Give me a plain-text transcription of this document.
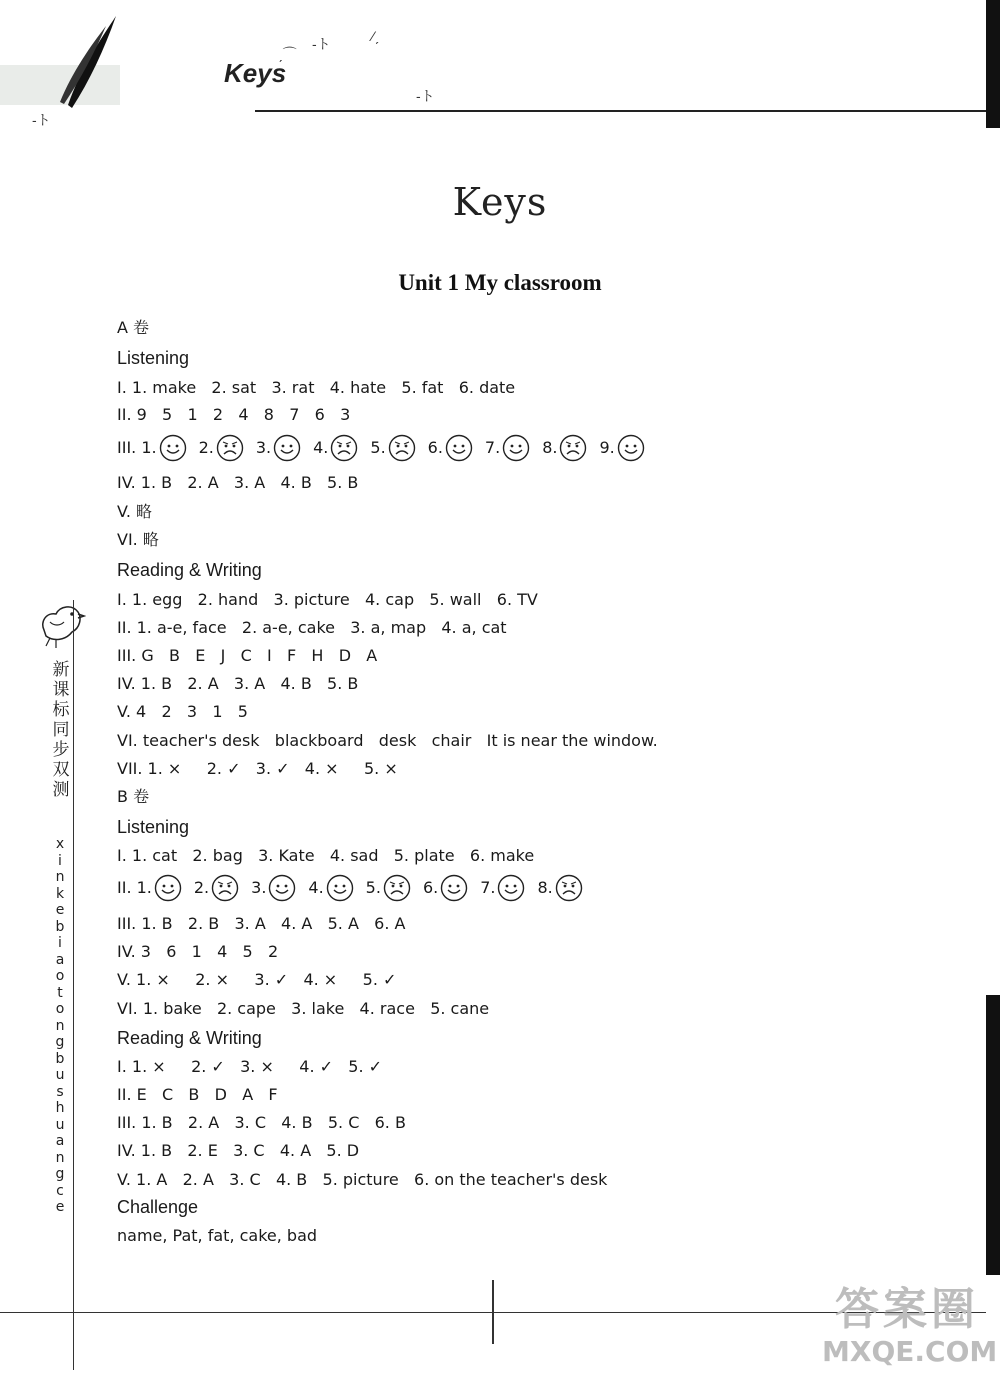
Keys
ˏ⌒
-ト	⁄ˏ
-ト
-ト
Keys
Unit 1 My classroom
A 卷
Listening
I. 1. make   2. sat   3. rat   4. hate   5. fat   6. date
II. 9   5   1   2   4   8   7   6   3
III. 1.	2.	3.	4.	5.	6.	7.	8.	9.
IV. 1. B   2. A   3. A   4. B   5. B
V. 略
VI. 略
Reading & Writing
I. 1. egg   2. hand   3. picture   4. cap   5. wall   6. TV
II. 1. a-e, face   2. a-e, cake   3. a, map   4. a, cat
III. G   B   E   J   C   I   F   H   D   A
IV. 1. B   2. A   3. A   4. B   5. B
V. 4   2   3   1   5
VI. teacher's desk   blackboard   desk   chair   It is near the window.
VII. 1. ×     2. ✓   3. ✓   4. ×     5. ×
B 卷
Listening
I. 1. cat   2. bag   3. Kate   4. sad   5. plate   6. make
II. 1.	2.	3.	4.	5.	6.	7.	8.
III. 1. B   2. B   3. A   4. A   5. A   6. A
IV. 3   6   1   4   5   2
V. 1. ×     2. ×     3. ✓   4. ×     5. ✓
VI. 1. bake   2. cape   3. lake   4. race   5. cane
Reading & Writing
I. 1. ×     2. ✓   3. ×     4. ✓   5. ✓
II. E   C   B   D   A   F
III. 1. B   2. A   3. C   4. B   5. C   6. B
IV. 1. B   2. E   3. C   4. A   5. D
V. 1. A   2. A   3. C   4. B   5. picture   6. on the teacher's desk
Challenge
name, Pat, fat, cake, bad
新
课
标
同
步
双
测
x
i
n
k
e
b
i
a
o
t
o
n
g
b
u
s
h
u
a
n
g
c
e
答案圈
MXQE.COM
